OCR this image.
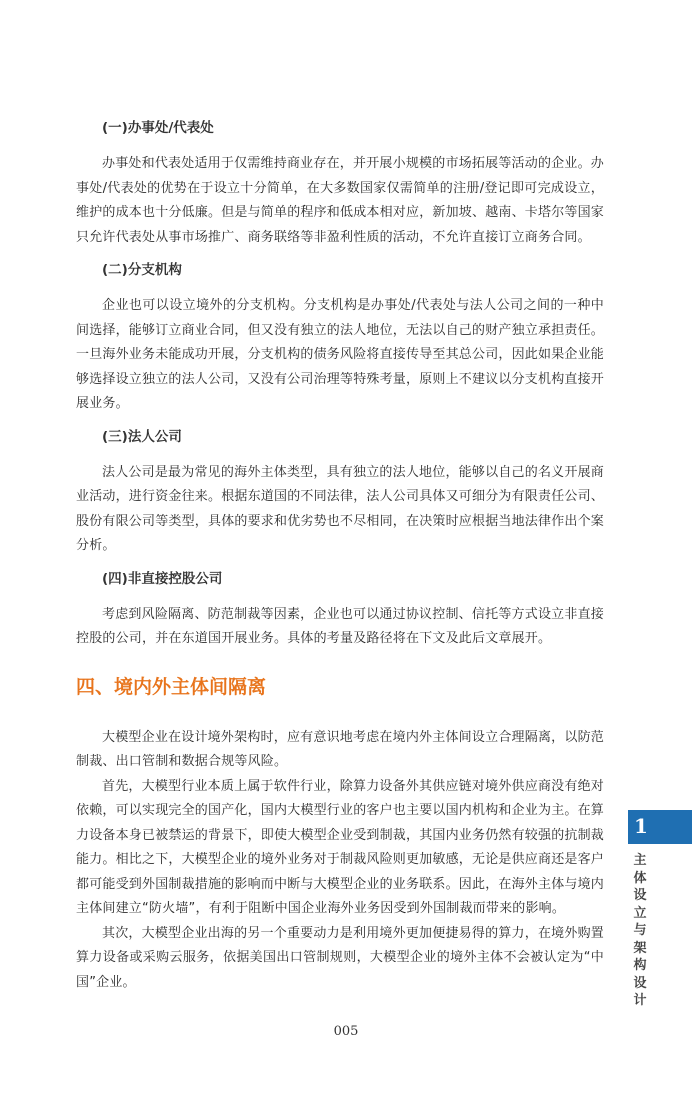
(一)办事处/代表处

办事处和代表处适用于仅需维持商业存在，并开展小规模的市场拓展等活动的企业。办事处/代表处的优势在于设立十分简单，在大多数国家仅需简单的注册/登记即可完成设立，维护的成本也十分低廉。但是与简单的程序和低成本相对应，新加坡、越南、卡塔尔等国家只允许代表处从事市场推广、商务联络等非盈利性质的活动，不允许直接订立商务合同。

(二)分支机构

企业也可以设立境外的分支机构。分支机构是办事处/代表处与法人公司之间的一种中间选择，能够订立商业合同，但又没有独立的法人地位，无法以自己的财产独立承担责任。一旦海外业务未能成功开展，分支机构的债务风险将直接传导至其总公司，因此如果企业能够选择设立独立的法人公司，又没有公司治理等特殊考量，原则上不建议以分支机构直接开展业务。

(三)法人公司

法人公司是最为常见的海外主体类型，具有独立的法人地位，能够以自己的名义开展商业活动，进行资金往来。根据东道国的不同法律，法人公司具体又可细分为有限责任公司、股份有限公司等类型，具体的要求和优劣势也不尽相同，在决策时应根据当地法律作出个案分析。

(四)非直接控股公司

考虑到风险隔离、防范制裁等因素，企业也可以通过协议控制、信托等方式设立非直接控股的公司，并在东道国开展业务。具体的考量及路径将在下文及此后文章展开。

四、境内外主体间隔离

大模型企业在设计境外架构时，应有意识地考虑在境内外主体间设立合理隔离，以防范制裁、出口管制和数据合规等风险。

首先，大模型行业本质上属于软件行业，除算力设备外其供应链对境外供应商没有绝对依赖，可以实现完全的国产化，国内大模型行业的客户也主要以国内机构和企业为主。在算力设备本身已被禁运的背景下，即使大模型企业受到制裁，其国内业务仍然有较强的抗制裁能力。相比之下，大模型企业的境外业务对于制裁风险则更加敏感，无论是供应商还是客户都可能受到外国制裁措施的影响而中断与大模型企业的业务联系。因此，在海外主体与境内主体间建立“防火墙”，有利于阻断中国企业海外业务因受到外国制裁而带来的影响。

其次，大模型企业出海的另一个重要动力是利用境外更加便捷易得的算力，在境外购置算力设备或采购云服务，依据美国出口管制规则，大模型企业的境外主体不会被认定为“中国”企业。

1
主体设立与架构设计
005
